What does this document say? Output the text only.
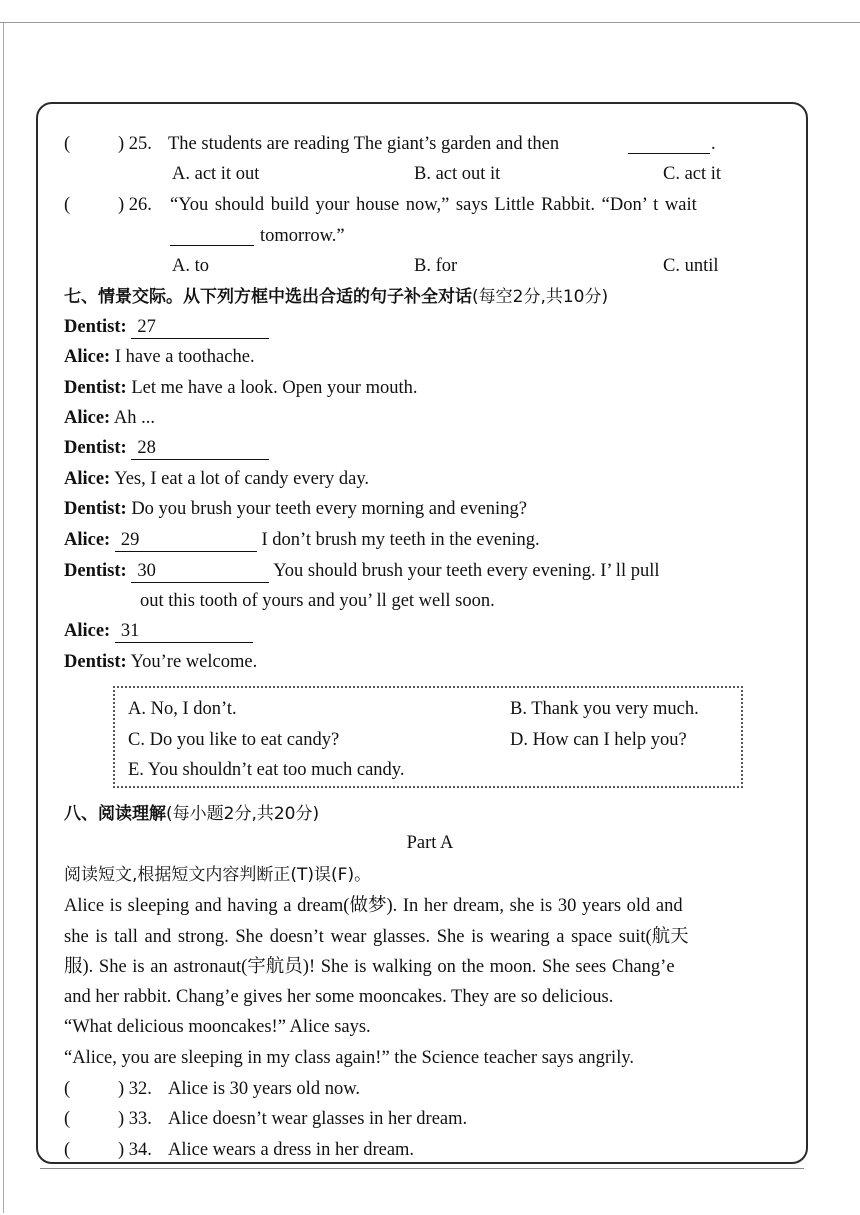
(	) 25. The students are reading The giant’s garden and then	.
A. act it out	B. act out it	C. act it
(	) 26. “You should build your house now,” says Little Rabbit. “Don’ t wait
tomorrow.”
A. to	B. for	C. until
七、情景交际。从下列方框中选出合适的句子补全对话(每空2分,共10分)
Dentist: 27
Alice: I have a toothache.
Dentist: Let me have a look. Open your mouth.
Alice: Ah ...
Dentist: 28
Alice: Yes, I eat a lot of candy every day.
Dentist: Do you brush your teeth every morning and evening?
Alice: 29	I don’t brush my teeth in the evening.
Dentist: 30	You should brush your teeth every evening. I’ ll pull
out this tooth of yours and you’ ll get well soon.
Alice: 31
Dentist: You’re welcome.
A. No, I don’t.	B. Thank you very much.
C. Do you like to eat candy?	D. How can I help you?
E. You shouldn’t eat too much candy.
八、阅读理解(每小题2分,共20分)
Part A
阅读短文,根据短文内容判断正(T)误(F)。
Alice is sleeping and having a dream(做梦). In her dream, she is 30 years old and
she is tall and strong. She doesn’t wear glasses. She is wearing a space suit(航天
服). She is an astronaut(宇航员)! She is walking on the moon. She sees Chang’e
and her rabbit. Chang’e gives her some mooncakes. They are so delicious.
“What delicious mooncakes!” Alice says.
“Alice, you are sleeping in my class again!” the Science teacher says angrily.
(	) 32. Alice is 30 years old now.
(	) 33. Alice doesn’t wear glasses in her dream.
(	) 34. Alice wears a dress in her dream.
